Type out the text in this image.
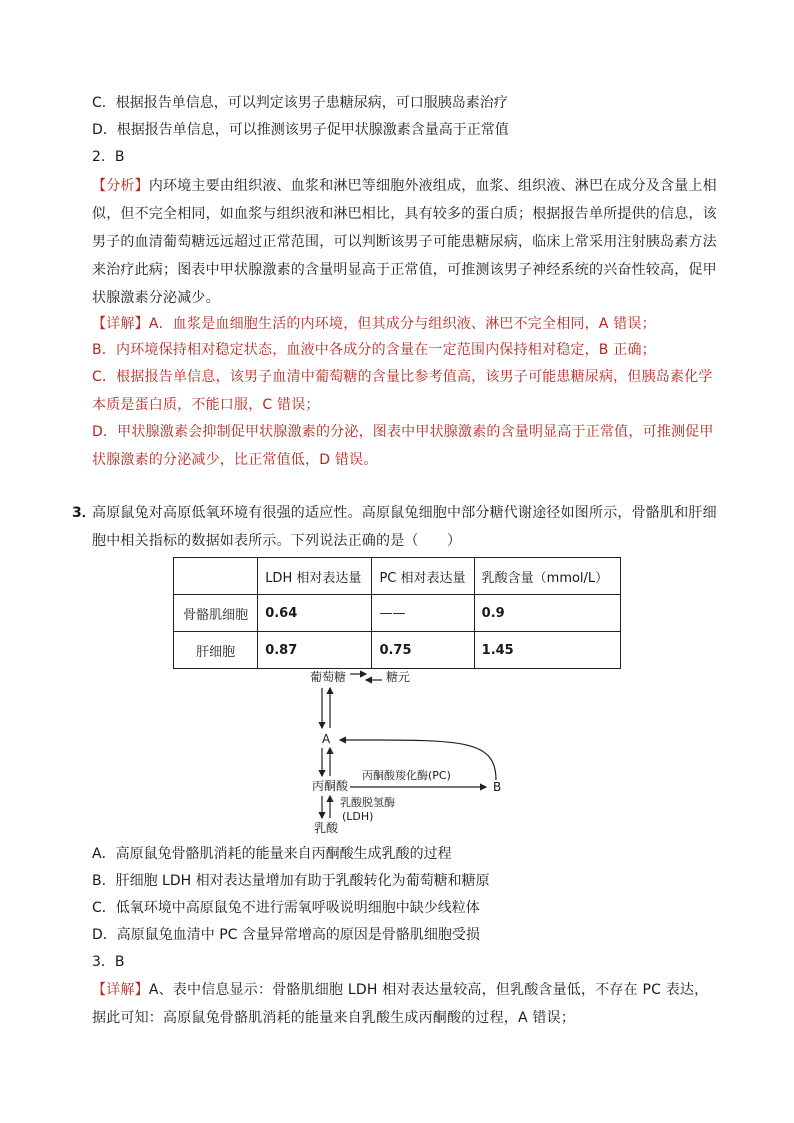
C．根据报告单信息，可以判定该男子患糖尿病，可口服胰岛素治疗
D．根据报告单信息，可以推测该男子促甲状腺激素含量高于正常值
2．B
【分析】内环境主要由组织液、血浆和淋巴等细胞外液组成，血浆、组织液、淋巴在成分及含量上相似，但不完全相同，如血浆与组织液和淋巴相比，具有较多的蛋白质；根据报告单所提供的信息，该男子的血清葡萄糖远远超过正常范围，可以判断该男子可能患糖尿病，临床上常采用注射胰岛素方法来治疗此病；图表中甲状腺激素的含量明显高于正常值，可推测该男子神经系统的兴奋性较高，促甲状腺激素分泌减少。
【详解】A．血浆是血细胞生活的内环境，但其成分与组织液、淋巴不完全相同，A 错误；
B．内环境保持相对稳定状态，血液中各成分的含量在一定范围内保持相对稳定，B 正确；
C．根据报告单信息，该男子血清中葡萄糖的含量比参考值高，该男子可能患糖尿病，但胰岛素化学本质是蛋白质，不能口服，C 错误；
D．甲状腺激素会抑制促甲状腺激素的分泌，图表中甲状腺激素的含量明显高于正常值，可推测促甲状腺激素的分泌减少，比正常值低，D 错误。
3．
高原鼠兔对高原低氧环境有很强的适应性。高原鼠兔细胞中部分糖代谢途径如图所示，骨骼肌和肝细胞中相关指标的数据如表所示。下列说法正确的是（　　）
	LDH 相对表达量	PC 相对表达量	乳酸含量（mmol/L）
骨骼肌细胞	0.64	——	0.9
肝细胞	0.87	0.75	1.45
葡萄糖	糖元
A
丙酮酸
丙酮酸羧化酶(PC)
B
乳酸脱氢酶
(LDH)
乳酸
A．高原鼠兔骨骼肌消耗的能量来自丙酮酸生成乳酸的过程
B．肝细胞 LDH 相对表达量增加有助于乳酸转化为葡萄糖和糖原
C．低氧环境中高原鼠兔不进行需氧呼吸说明细胞中缺少线粒体
D．高原鼠兔血清中 PC 含量异常增高的原因是骨骼肌细胞受损
3．B
【详解】A、表中信息显示：骨骼肌细胞 LDH 相对表达量较高，但乳酸含量低，不存在 PC 表达，据此可知：高原鼠兔骨骼肌消耗的能量来自乳酸生成丙酮酸的过程，A 错误；
